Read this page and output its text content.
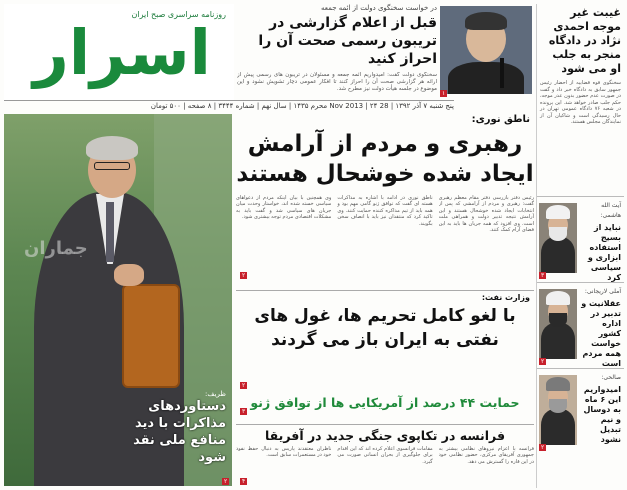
روزنامه سراسری صبح ایران
اسرار
پنج شنبه ۷ آذر ۱۳۹۲ | 28 Nov 2013 | ۲۴ محرم ۱۴۳۵ | سال نهم | شماره ۳۴۴۴ | ۸ صفحه | ۵۰۰ تومان
در خواست سخنگوی دولت از ائمه جمعه
قبل از اعلام گزارشی در تریبون رسمی صحت آن را احراز کنید
سخنگوی دولت گفت: امیدواریم ائمه جمعه و مسئولان در تریبون های رسمی پیش از ارائه هر گزارشی صحت آن را احراز کنند تا افکار عمومی دچار تشویش نشود و این موضوع در جلسه هیأت دولت نیز مطرح شد.
۱
غیبت غیر موجه احمدی نژاد در دادگاه منجر به جلب او می شود
سخنگوی قوه قضاییه از احضار رئیس جمهور سابق به دادگاه خبر داد و گفت در صورت عدم حضور بدون عذر موجه، حکم جلب صادر خواهد شد. این پرونده در شعبه ۷۶ دادگاه عمومی تهران در حال رسیدگی است و شاکیان آن از نمایندگان مجلس هستند.
آیت الله هاشمی:
نباید از بسیج استفاده ابزاری و سیاسی کرد
۳
آملی لاریجانی:
عقلانیت و تدبیر در اداره کشور خواست همه مردم است
۲
صالحی:
امیدواریم این ۶ ماه به دوسال و نیم تبدیل نشود
۲
جماران
ظریف:
دستاوردهای مذاکرات با دید منافع ملی نقد شود
۲
ناطق نوری:
رهبری و مردم از آرامش ایجاد شده خوشحال هستند
رئیس دفتر بازرسی دفتر مقام معظم رهبری گفت: رهبری و مردم از آرامشی که پس از انتخابات ایجاد شده خوشحال هستند و این آرامش نتیجه تدبیر دولت و همراهی ملت است. وی افزود که همه جریان ها باید به این فضای آرام کمک کنند.
ناطق نوری در ادامه با اشاره به مذاکرات هسته ای گفت که توافق ژنو گامی مهم بود و همه باید از تیم مذاکره کننده حمایت کنند. وی تاکید کرد که منتقدان نیز باید با انصاف سخن بگویند.
وی همچنین با بیان اینکه مردم از دعواهای سیاسی خسته شده اند، خواستار وحدت میان جریان های سیاسی شد و گفت باید به مشکلات اقتصادی مردم توجه بیشتری شود.
۲
وزارت نفت:
با لغو کامل تحریم ها، غول های نفتی به ایران باز می گردند
۲
حمایت ۴۴ درصد از آمریکایی ها از توافق ژنو
۳
فرانسه در تکاپوی جنگی جدید در آفریقا
فرانسه با اعزام نیروهای نظامی بیشتر به جمهوری آفریقای مرکزی، حضور نظامی خود در این قاره را گسترش می دهد.
مقامات فرانسوی اعلام کرده اند که این اقدام برای جلوگیری از بحران انسانی صورت می گیرد.
ناظران معتقدند پاریس به دنبال حفظ نفوذ خود در مستعمرات سابق است.
۴
